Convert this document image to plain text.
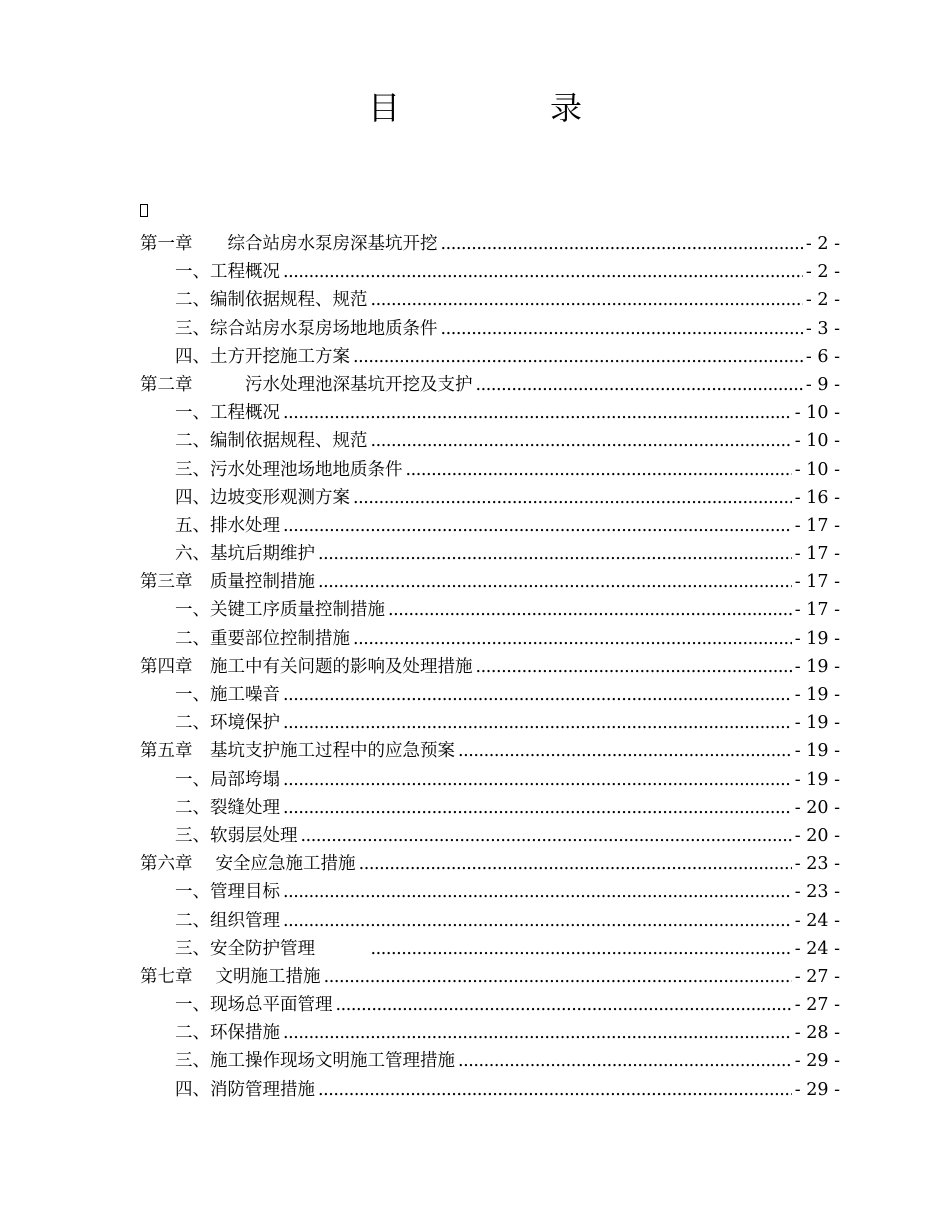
目	录
第一章　　综合站房水泵房深基坑开挖 . . .	- 2 -
一、工程概况 . . .	- 2 -
二、编制依据规程、规范 . . .	- 2 -
三、综合站房水泵房场地地质条件 . . .	- 3 -
四、土方开挖施工方案 . . .	- 6 -
第二章　　　污水处理池深基坑开挖及支护 . . .	- 9 -
一、工程概况 . . .	- 10 -
二、编制依据规程、规范 . . .	- 10 -
三、污水处理池场地地质条件 . . .	- 10 -
四、边坡变形观测方案 . . .	- 16 -
五、排水处理 . . .	- 17 -
六、基坑后期维护 . . .	- 17 -
第三章　质量控制措施 . . .	- 17 -
一、关键工序质量控制措施 . . .	- 17 -
二、重要部位控制措施 . . .	- 19 -
第四章　施工中有关问题的影响及处理措施 . . .	- 19 -
一、施工噪音 . . .	- 19 -
二、环境保护 . . .	- 19 -
第五章　基坑支护施工过程中的应急预案 . . .	- 19 -
一、局部垮塌 . . .	- 19 -
二、裂缝处理 . . .	- 20 -
三、软弱层处理 . . .	- 20 -
第六章　 安全应急施工措施 . . .	- 23 -
一、管理目标 . . .	- 23 -
二、组织管理 . . .	- 24 -
三、安全防护管理　　　 . . .	- 24 -
第七章　 文明施工措施 . . .	- 27 -
一、现场总平面管理 . . .	- 27 -
二、环保措施 . . .	- 28 -
三、施工操作现场文明施工管理措施 . . .	- 29 -
四、消防管理措施 . . .	- 29 -
